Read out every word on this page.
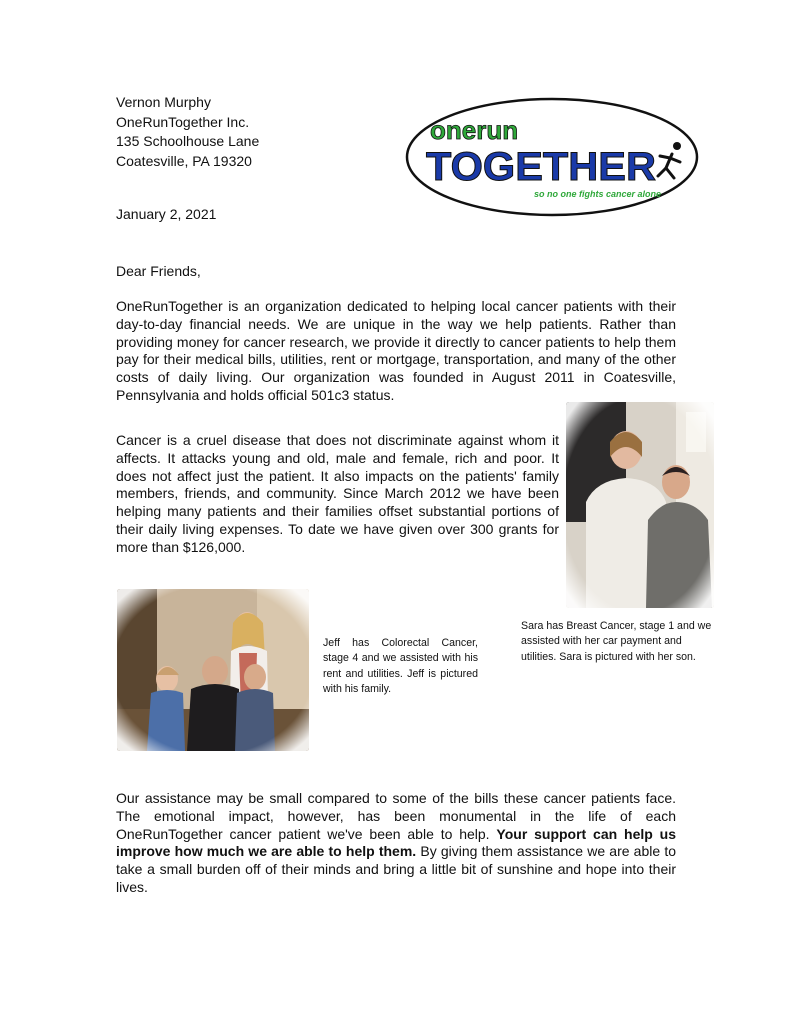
Vernon Murphy
OneRunTogether Inc.
135 Schoolhouse Lane
Coatesville, PA 19320
onerun
TOGETHER
so no one fights cancer alone
January 2, 2021
Dear Friends,

OneRunTogether is an organization dedicated to helping local cancer patients with their day-to-day financial needs. We are unique in the way we help patients. Rather than providing money for cancer research, we provide it directly to cancer patients to help them pay for their medical bills, utilities, rent or mortgage, transportation, and many of the other costs of daily living. Our organization was founded in August 2011 in Coatesville, Pennsylvania and holds official 501c3 status.

Cancer is a cruel disease that does not discriminate against whom it affects. It attacks young and old, male and female, rich and poor. It does not affect just the patient. It also impacts on the patients' family members, friends, and community. Since March 2012 we have been helping many patients and their families offset substantial portions of their daily living expenses. To date we have given over 300 grants for more than $126,000.

Jeff has Colorectal Cancer, stage 4 and we assisted with his rent and utilities. Jeff is pictured with his family.

Sara has Breast Cancer, stage 1 and we assisted with her car payment and utilities. Sara is pictured with her son.

Our assistance may be small compared to some of the bills these cancer patients face. The emotional impact, however, has been monumental in the life of each OneRunTogether cancer patient we've been able to help. Your support can help us improve how much we are able to help them. By giving them assistance we are able to take a small burden off of their minds and bring a little bit of sunshine and hope into their lives.
